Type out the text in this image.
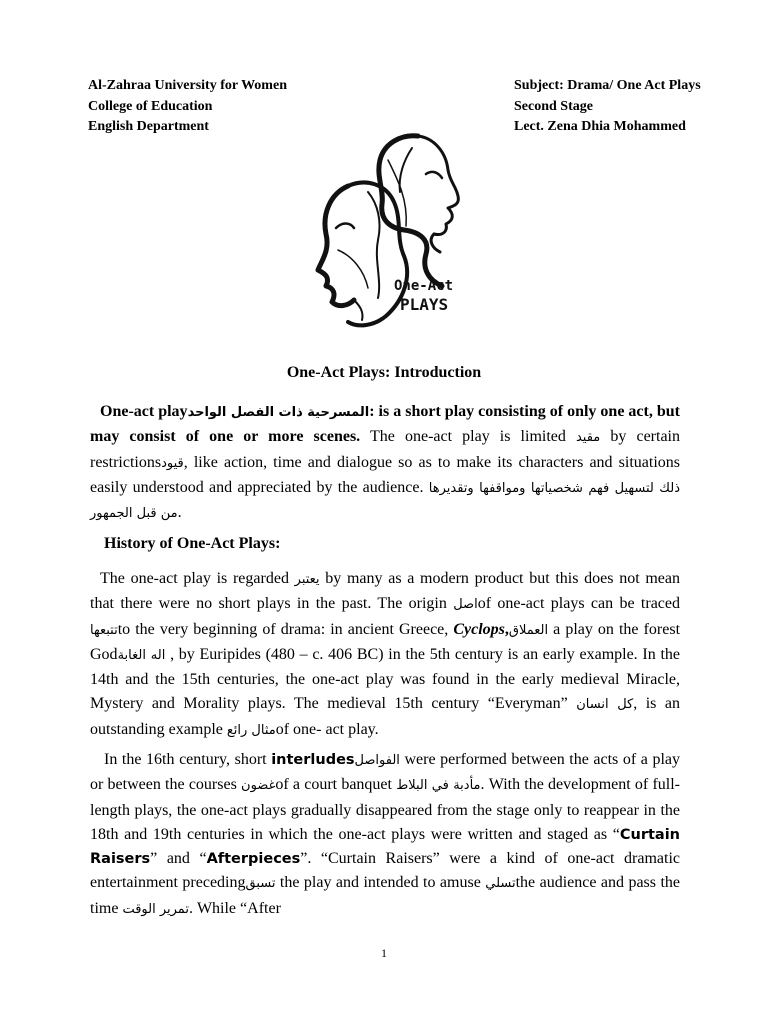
Al-Zahraa University for Women
College of Education
English Department
Subject: Drama/ One Act Plays
Second Stage
Lect. Zena Dhia Mohammed
One-Act
PLAYS
One-Act Plays: Introduction
One-act playالمسرحية ذات الفصل الواحد: is a short play consisting of only one act, but may consist of one or more scenes. The one-act play is limited مقيد by certain restrictionsقيود, like action, time and dialogue so as to make its characters and situations easily understood and appreciated by the audience. ذلك لتسهيل فهم شخصياتها ومواقفها وتقديرها من قبل الجمهور.
History of One-Act Plays:
The one-act play is regarded يعتبر by many as a modern product but this does not mean that there were no short plays in the past. The origin اصلof one-act plays can be traced تتبعهاto the very beginning of drama: in ancient Greece, Cyclops,العملاق a play on the forest Godاله الغابة , by Euripides (480 – c. 406 BC) in the 5th century is an early example. In the 14th and the 15th centuries, the one-act play was found in the early medieval Miracle, Mystery and Morality plays. The medieval 15th century “Everyman” كل انسان, is an outstanding example مثال رائعof one- act play.
In the 16th century, short interludesالفواصل were performed between the acts of a play or between the courses غضونof a court banquet مأدبة في البلاط. With the development of full-length plays, the one-act plays gradually disappeared from the stage only to reappear in the 18th and 19th centuries in which the one-act plays were written and staged as “Curtain Raisers” and “Afterpieces”. “Curtain Raisers” were a kind of one-act dramatic entertainment precedingتسبق the play and intended to amuse تسليthe audience and pass the time تمرير الوقت. While “After
1
